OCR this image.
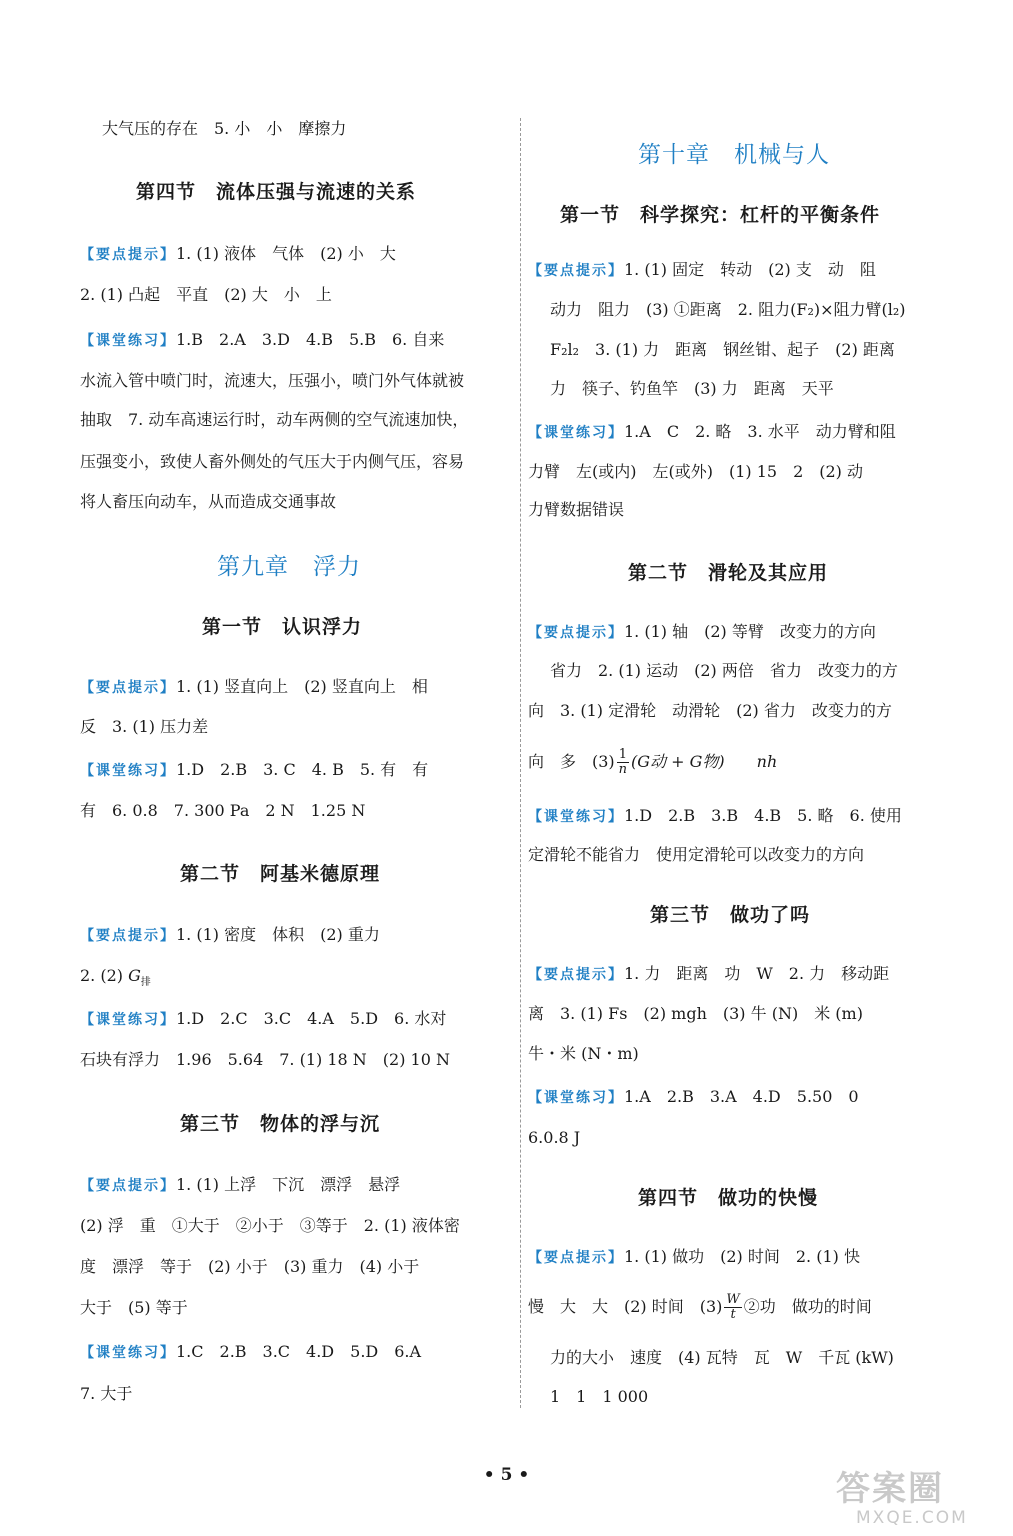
大气压的存在　5. 小　小　摩擦力
第四节　流体压强与流速的关系
【要点提示】1. (1) 液体　气体　(2) 小　大
2. (1) 凸起　平直　(2) 大　小　上
【课堂练习】1.B　2.A　3.D　4.B　5.B　6. 自来
水流入管中喷门时，流速大，压强小，喷门外气体就被
抽取　7. 动车高速运行时，动车两侧的空气流速加快，
压强变小，致使人畜外侧处的气压大于内侧气压，容易
将人畜压向动车，从而造成交通事故
第九章　浮力
第一节　认识浮力
【要点提示】1. (1) 竖直向上　(2) 竖直向上　相
反　3. (1) 压力差
【课堂练习】1.D　2.B　3. C　4. B　5. 有　有
有　6. 0.8　7. 300 Pa　2 N　1.25 N
第二节　阿基米德原理
【要点提示】1. (1) 密度　体积　(2) 重力
2. (2) $G_排$
【课堂练习】1.D　2.C　3.C　4.A　5.D　6. 水对
石块有浮力　1.96　5.64　7. (1) 18 N　(2) 10 N
第三节　物体的浮与沉
【要点提示】1. (1) 上浮　下沉　漂浮　悬浮
(2) 浮　重　①大于　②小于　③等于　2. (1) 液体密
度　漂浮　等于　(2) 小于　(3) 重力　(4) 小于
大于　(5) 等于
【课堂练习】1.C　2.B　3.C　4.D　5.D　6.A
7. 大于
第十章　机械与人
第一节　科学探究：杠杆的平衡条件
【要点提示】1. (1) 固定　转动　(2) 支　动　阻
动力　阻力　(3) ①距离　2. 阻力(F₂)×阻力臂(l₂)
F₂l₂　3. (1) 力　距离　钢丝钳、起子　(2) 距离
力　筷子、钓鱼竿　(3) 力　距离　天平
【课堂练习】1.A　C　2. 略　3. 水平　动力臂和阻
力臂　左(或内)　左(或外)　(1) 15　2　(2) 动
力臂数据错误
第二节　滑轮及其应用
【要点提示】1. (1) 轴　(2) 等臂　改变力的方向
省力　2. (1) 运动　(2) 两倍　省力　改变力的方
向　3. (1) 定滑轮　动滑轮　(2) 省力　改变力的方
向　多　$(3) \frac{1}{n} (G$动 + G物)　　nh
【课堂练习】1.D　2.B　3.B　4.B　5. 略　6. 使用
定滑轮不能省力　使用定滑轮可以改变力的方向
第三节　做功了吗
【要点提示】1. 力　距离　功　W　2. 力　移动距
离　3. (1) Fs　(2) mgh　(3) 牛 (N)　米 (m)
牛・米 (N・m)
【课堂练习】1.A　2.B　3.A　4.D　5.50　0
6.0.8 J
第四节　做功的快慢
【要点提示】1. (1) 做功　(2) 时间　2. (1) 快
慢　大　大　(2) 时间　$(3) \frac{W}{t}$ ②功　做功的时间
力的大小　速度　(4) 瓦特　瓦　W　千瓦 (kW)
1　1　1 000
• 5 •	答案圈
MXQE.COM
